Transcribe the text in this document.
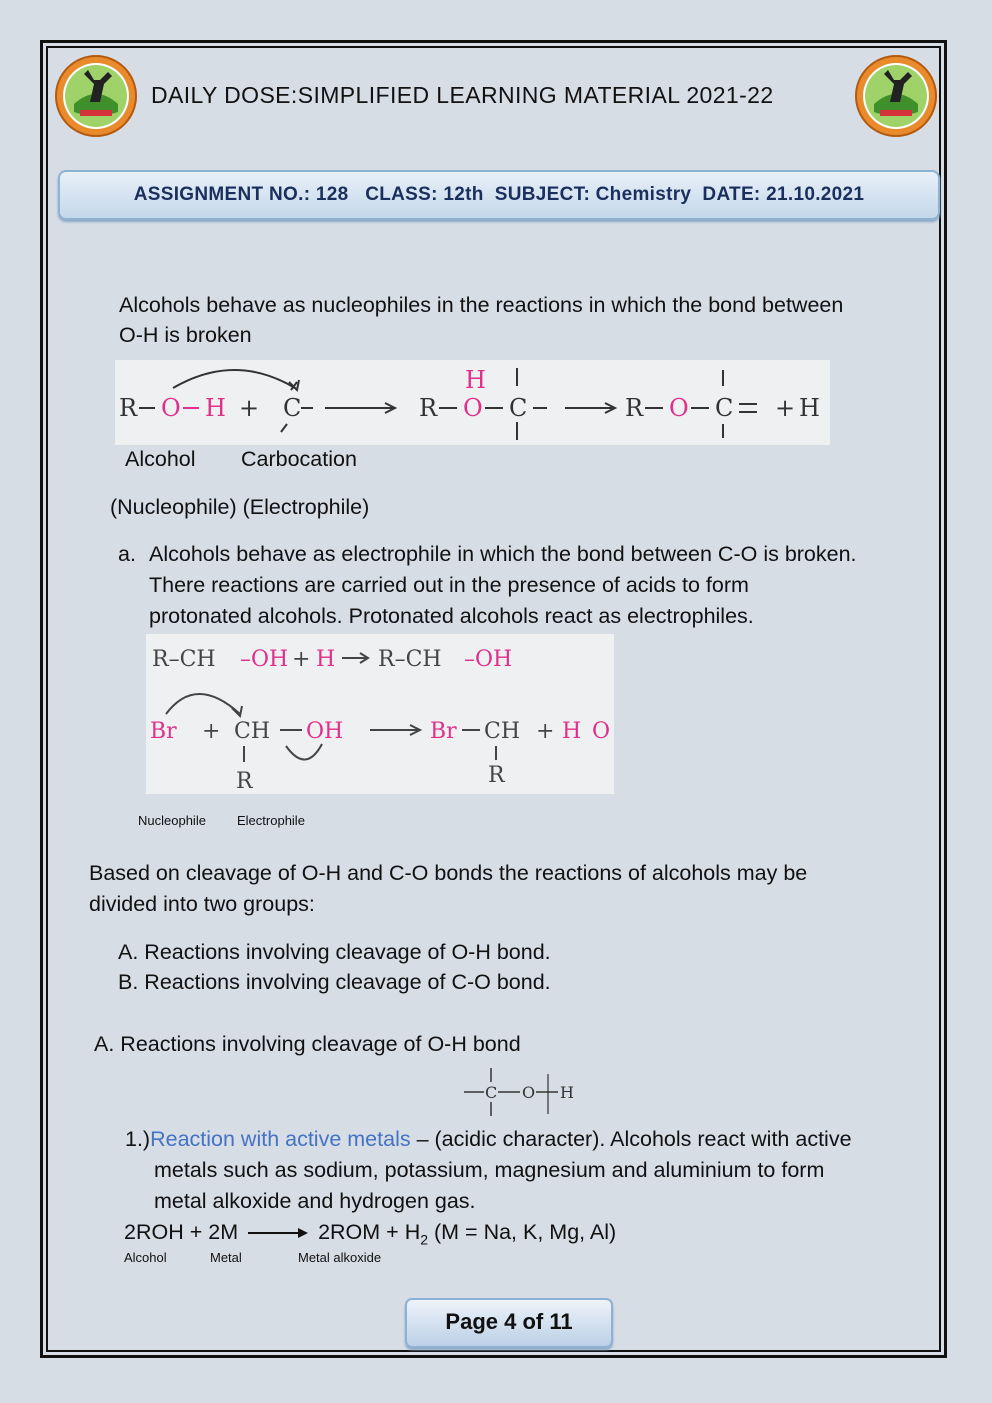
DAILY DOSE:SIMPLIFIED LEARNING MATERIAL 2021-22
ASSIGNMENT NO.: 128   CLASS: 12th  SUBJECT: Chemistry  DATE: 21.10.2021
Alcohols behave as nucleophiles in the reactions in which the bond between
O-H is broken
R O H + C	R
H
O C	R O C + H
Alcohol Carbocation
(Nucleophile) (Electrophile)
a. Alcohols behave as electrophile in which the bond between C-O is broken.
There reactions are carried out in the presence of acids to form
protonated alcohols. Protonated alcohols react as electrophiles.
R–CH –OH + H R–CH –OH
Br + CH OH
R
Br CH + H O
R
Nucleophile Electrophile
Based on cleavage of O-H and C-O bonds the reactions of alcohols may be
divided into two groups:
A. Reactions involving cleavage of O-H bond.
B. Reactions involving cleavage of C-O bond.
A. Reactions involving cleavage of O-H bond
C O H
1.)Reaction with active metals – (acidic character). Alcohols react with active
metals such as sodium, potassium, magnesium and aluminium to form
metal alkoxide and hydrogen gas.
$2ROH + 2M \to 2ROM + H_2$ (M = Na, K, Mg, Al)
Alcohol	Metal	Metal alkoxide
Page 4 of 11
